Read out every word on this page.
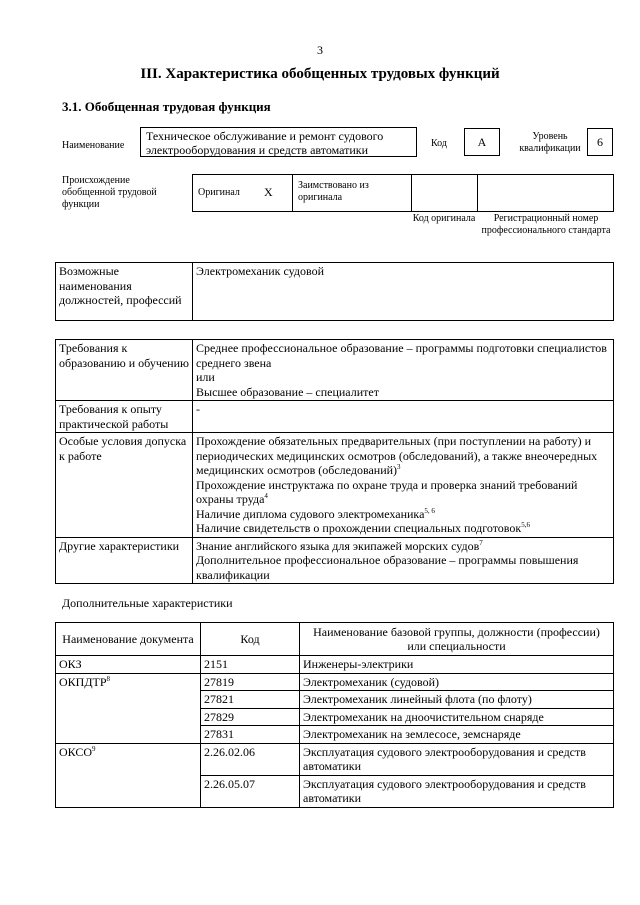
3
III. Характеристика обобщенных трудовых функций
3.1. Обобщенная трудовая функция
Наименование
Техническое обслуживание и ремонт судового электрооборудования и средств автоматики	Код	А	Уровень квалификации	6
Происхождение обобщенной трудовой функции
Оригинал X	Заимствовано из оригинала
Код оригинала	Регистрационный номер профессионального стандарта
Возможные наименования должностей, профессий	Электромеханик судовой
Требования к образованию и обучению	Среднее профессиональное образование – программы подготовки специалистов среднего звена
или
Высшее образование – специалитет

Требования к опыту практической работы	-

Особые условия допуска к работе	Прохождение обязательных предварительных (при поступлении на работу) и периодических медицинских осмотров (обследований), а также внеочередных медицинских осмотров (обследований)$^3$
Прохождение инструктажа по охране труда и проверка знаний требований охраны труда$^4$
Наличие диплома судового электромеханика$^{5, 6}$
Наличие свидетельств о прохождении специальных подготовок$^{5,6}$

Другие характеристики	Знание английского языка для экипажей морских судов$^7$
Дополнительное профессиональное образование – программы повышения квалификации
Дополнительные характеристики
Наименование документа	Код	Наименование базовой группы, должности (профессии) или специальности
ОКЗ	2151	Инженеры-электрики
ОКПДТР$^8$	27819	Электромеханик (судовой)
	27821	Электромеханик линейный флота (по флоту)
	27829	Электромеханик на дноочистительном снаряде
	27831	Электромеханик на землесосе, земснаряде
ОКСО$^9$	2.26.02.06	Эксплуатация судового электрооборудования и средств автоматики
	2.26.05.07	Эксплуатация судового электрооборудования и средств автоматики
